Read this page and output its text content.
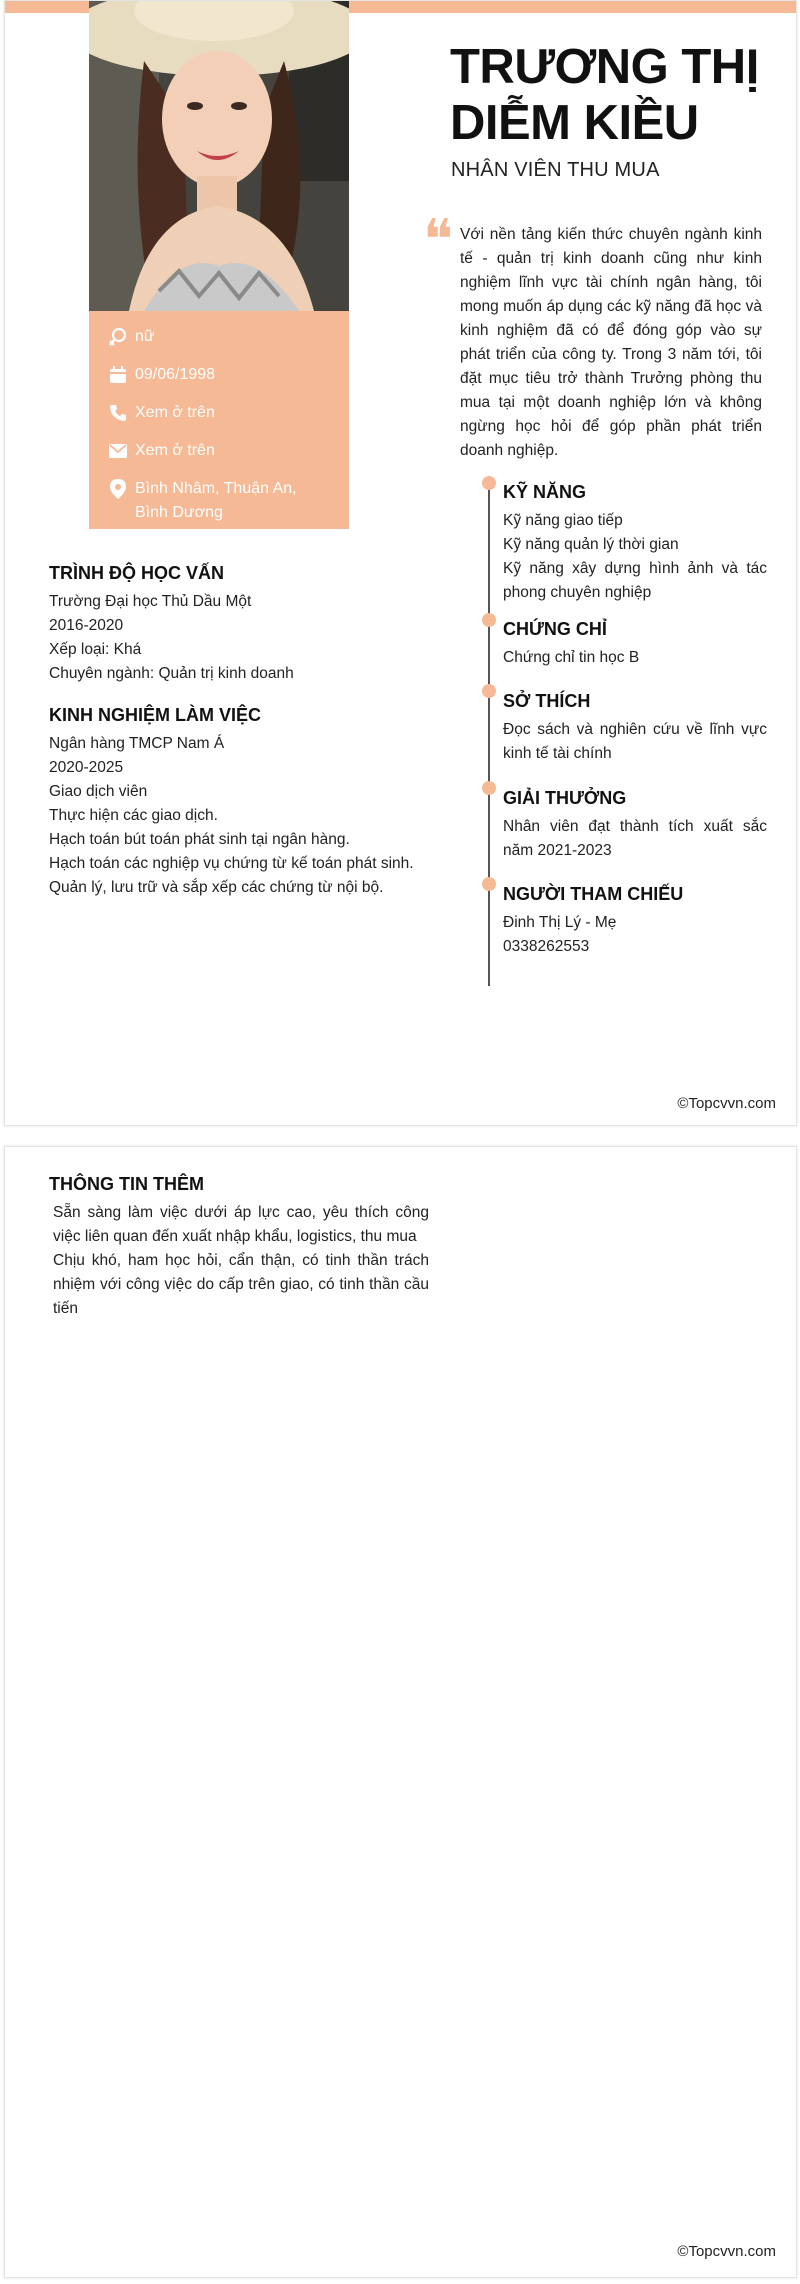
nữ
09/06/1998
Xem ở trên
Xem ở trên
Bình Nhâm, Thuận An, Bình Dương
TRƯƠNG THỊ DIỄM KIỀU
NHÂN VIÊN THU MUA
❝ Với nền tảng kiến thức chuyên ngành kinh tế - quản trị kinh doanh cũng như kinh nghiệm lĩnh vực tài chính ngân hàng, tôi mong muốn áp dụng các kỹ năng đã học và kinh nghiệm đã có để đóng góp vào sự phát triển của công ty. Trong 3 năm tới, tôi đặt mục tiêu trở thành Trưởng phòng thu mua tại một doanh nghiệp lớn và không ngừng học hỏi để góp phần phát triển doanh nghiệp.
KỸ NĂNG
Kỹ năng giao tiếp
Kỹ năng quản lý thời gian
Kỹ năng xây dựng hình ảnh và tác phong chuyên nghiệp
CHỨNG CHỈ
Chứng chỉ tin học B
SỞ THÍCH
Đọc sách và nghiên cứu về lĩnh vực kinh tế tài chính
GIẢI THƯỞNG
Nhân viên đạt thành tích xuất sắc năm 2021-2023
NGƯỜI THAM CHIẾU
Đinh Thị Lý - Mẹ
0338262553
TRÌNH ĐỘ HỌC VẤN
Trường Đại học Thủ Dầu Một
2016-2020
Xếp loại: Khá
Chuyên ngành: Quản trị kinh doanh
KINH NGHIỆM LÀM VIỆC
Ngân hàng TMCP Nam Á
2020-2025
Giao dịch viên
Thực hiện các giao dịch.
Hạch toán bút toán phát sinh tại ngân hàng.
Hạch toán các nghiệp vụ chứng từ kế toán phát sinh.
Quản lý, lưu trữ và sắp xếp các chứng từ nội bộ.
©Topcvvn.com
THÔNG TIN THÊM
Sẵn sàng làm việc dưới áp lực cao, yêu thích công việc liên quan đến xuất nhập khẩu, logistics, thu mua
Chịu khó, ham học hỏi, cẩn thận, có tinh thần trách nhiệm với công việc do cấp trên giao, có tinh thần cầu tiến
©Topcvvn.com
